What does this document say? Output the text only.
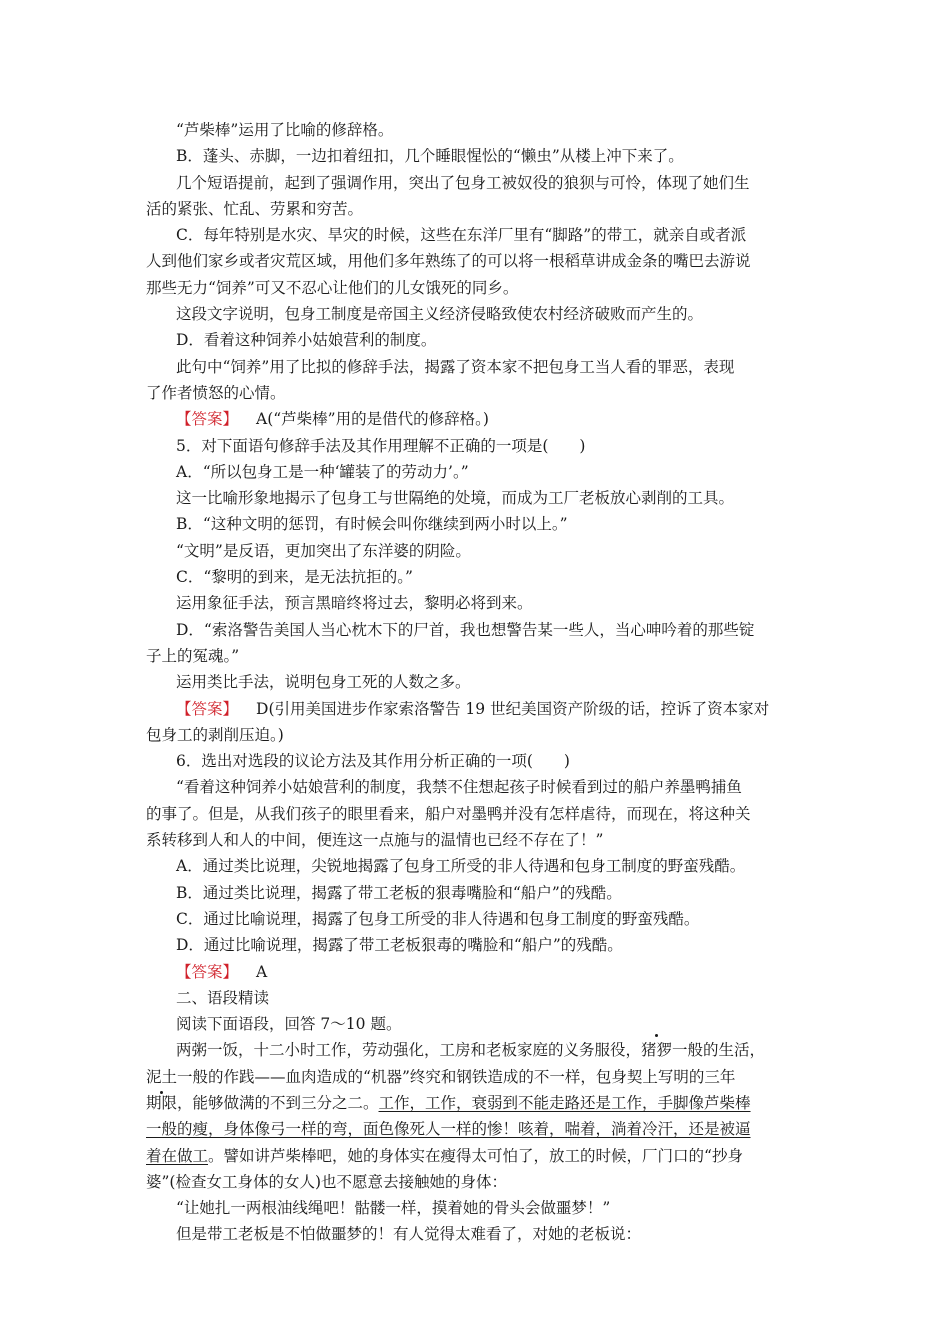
“芦柴棒”运用了比喻的修辞格。
B．蓬头、赤脚，一边扣着纽扣，几个睡眼惺忪的“懒虫”从楼上冲下来了。
几个短语提前，起到了强调作用，突出了包身工被奴役的狼狈与可怜，体现了她们生
活的紧张、忙乱、劳累和穷苦。
C．每年特别是水灾、旱灾的时候，这些在东洋厂里有“脚路”的带工，就亲自或者派
人到他们家乡或者灾荒区域，用他们多年熟练了的可以将一根稻草讲成金条的嘴巴去游说
那些无力“饲养”可又不忍心让他们的儿女饿死的同乡。
这段文字说明，包身工制度是帝国主义经济侵略致使农村经济破败而产生的。
D．看着这种饲养小姑娘营利的制度。
此句中“饲养”用了比拟的修辞手法，揭露了资本家不把包身工当人看的罪恶，表现
了作者愤怒的心情。
【答案】 A(“芦柴棒”用的是借代的修辞格。)
5．对下面语句修辞手法及其作用理解不正确的一项是(　　)
A．“所以包身工是一种‘罐装了的劳动力’。”
这一比喻形象地揭示了包身工与世隔绝的处境，而成为工厂老板放心剥削的工具。
B．“这种文明的惩罚，有时候会叫你继续到两小时以上。”
“文明”是反语，更加突出了东洋婆的阴险。
C．“黎明的到来，是无法抗拒的。”
运用象征手法，预言黑暗终将过去，黎明必将到来。
D．“索洛警告美国人当心枕木下的尸首，我也想警告某一些人，当心呻吟着的那些锭
子上的冤魂。”
运用类比手法，说明包身工死的人数之多。
【答案】 D(引用美国进步作家索洛警告 19 世纪美国资产阶级的话，控诉了资本家对
包身工的剥削压迫。)
6．选出对选段的议论方法及其作用分析正确的一项(　　)
“看着这种饲养小姑娘营利的制度，我禁不住想起孩子时候看到过的船户养墨鸭捕鱼
的事了。但是，从我们孩子的眼里看来，船户对墨鸭并没有怎样虐待，而现在，将这种关
系转移到人和人的中间，便连这一点施与的温情也已经不存在了！”
A．通过类比说理，尖锐地揭露了包身工所受的非人待遇和包身工制度的野蛮残酷。
B．通过类比说理，揭露了带工老板的狠毒嘴脸和“船户”的残酷。
C．通过比喻说理，揭露了包身工所受的非人待遇和包身工制度的野蛮残酷。
D．通过比喻说理，揭露了带工老板狠毒的嘴脸和“船户”的残酷。
【答案】 A
二、语段精读
阅读下面语段，回答 7～10 题。
两粥一饭，十二小时工作，劳动强化，工房和老板家庭的义务服役，猪猡一般的生活，
泥土一般的作践——血肉造成的“机器”终究和钢铁造成的不一样，包身契上写明的三年
期限，能够做满的不到三分之二。工作，工作，衰弱到不能走路还是工作，手脚像芦柴棒
一般的瘦，身体像弓一样的弯，面色像死人一样的惨！咳着，喘着，淌着冷汗，还是被逼
着在做工。譬如讲芦柴棒吧，她的身体实在瘦得太可怕了，放工的时候，厂门口的“抄身
婆”(检查女工身体的女人)也不愿意去接触她的身体：
“让她扎一两根油线绳吧！骷髅一样，摸着她的骨头会做噩梦！”
但是带工老板是不怕做噩梦的！有人觉得太难看了，对她的老板说：
